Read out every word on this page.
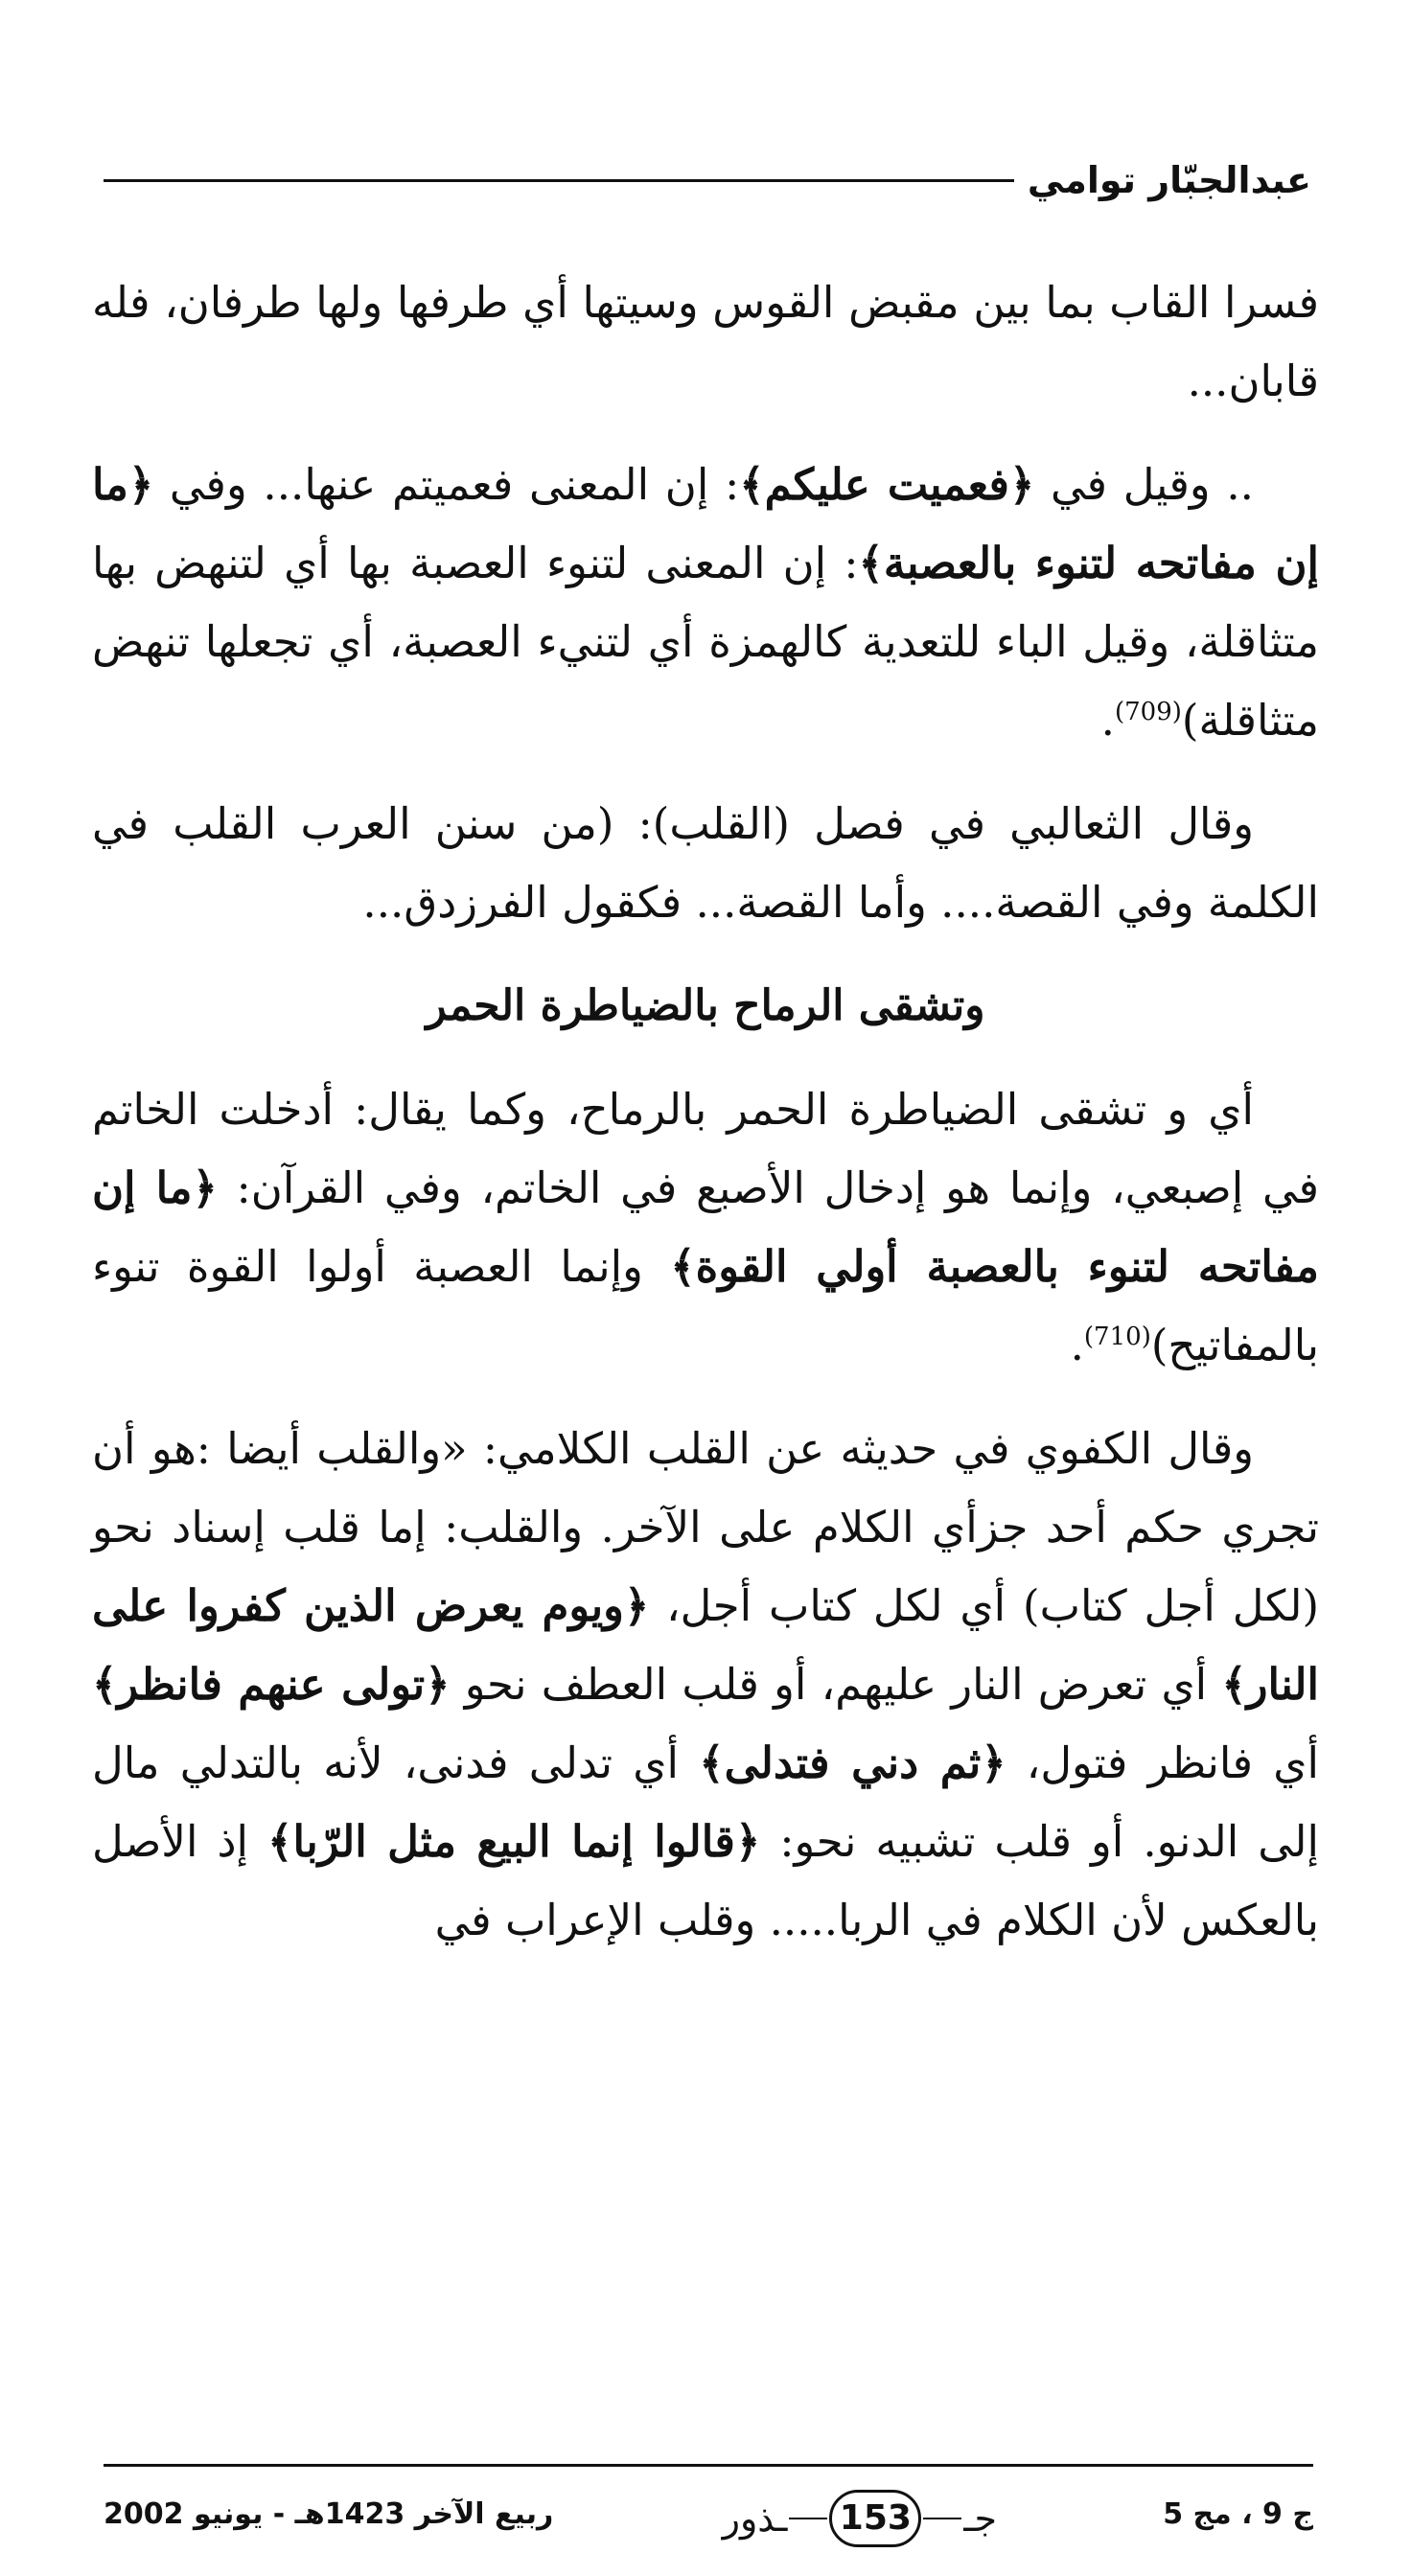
عبدالجبّار توامي

فسرا القاب بما بين مقبض القوس وسيتها أي طرفها ولها طرفان، فله قابان...

.. وقيل في ﴿فعميت عليكم﴾: إن المعنى فعميتم عنها... وفي ﴿ما إن مفاتحه لتنوء بالعصبة﴾: إن المعنى لتنوء العصبة بها أي لتنهض بها متثاقلة، وقيل الباء للتعدية كالهمزة أي لتنيء العصبة، أي تجعلها تنهض متثاقلة)$^{(709)}$.

وقال الثعالبي في فصل (القلب): (من سنن العرب القلب في الكلمة وفي القصة.... وأما القصة... فكقول الفرزدق...

وتشقى الرماح بالضياطرة الحمر

أي و تشقى الضياطرة الحمر بالرماح، وكما يقال: أدخلت الخاتم في إصبعي، وإنما هو إدخال الأصبع في الخاتم، وفي القرآن: ﴿ما إن مفاتحه لتنوء بالعصبة أولي القوة﴾ وإنما العصبة أولوا القوة تنوء بالمفاتيح)$^{(710)}$.

وقال الكفوي في حديثه عن القلب الكلامي: «والقلب أيضا :هو أن تجري حكم أحد جزأي الكلام على الآخر. والقلب: إما قلب إسناد نحو (لكل أجل كتاب) أي لكل كتاب أجل، ﴿ويوم يعرض الذين كفروا على النار﴾ أي تعرض النار عليهم، أو قلب العطف نحو ﴿تولى عنهم فانظر﴾ أي فانظر فتول، ﴿ثم دني فتدلى﴾ أي تدلى فدنى، لأنه بالتدلي مال إلى الدنو. أو قلب تشبيه نحو: ﴿قالوا إنما البيع مثل الرّبا﴾ إذ الأصل بالعكس لأن الكلام في الربا..... وقلب الإعراب في

ج 9 ، مج 5
جـ
153
ـذور
ربيع الآخر 1423هـ - يونيو 2002
